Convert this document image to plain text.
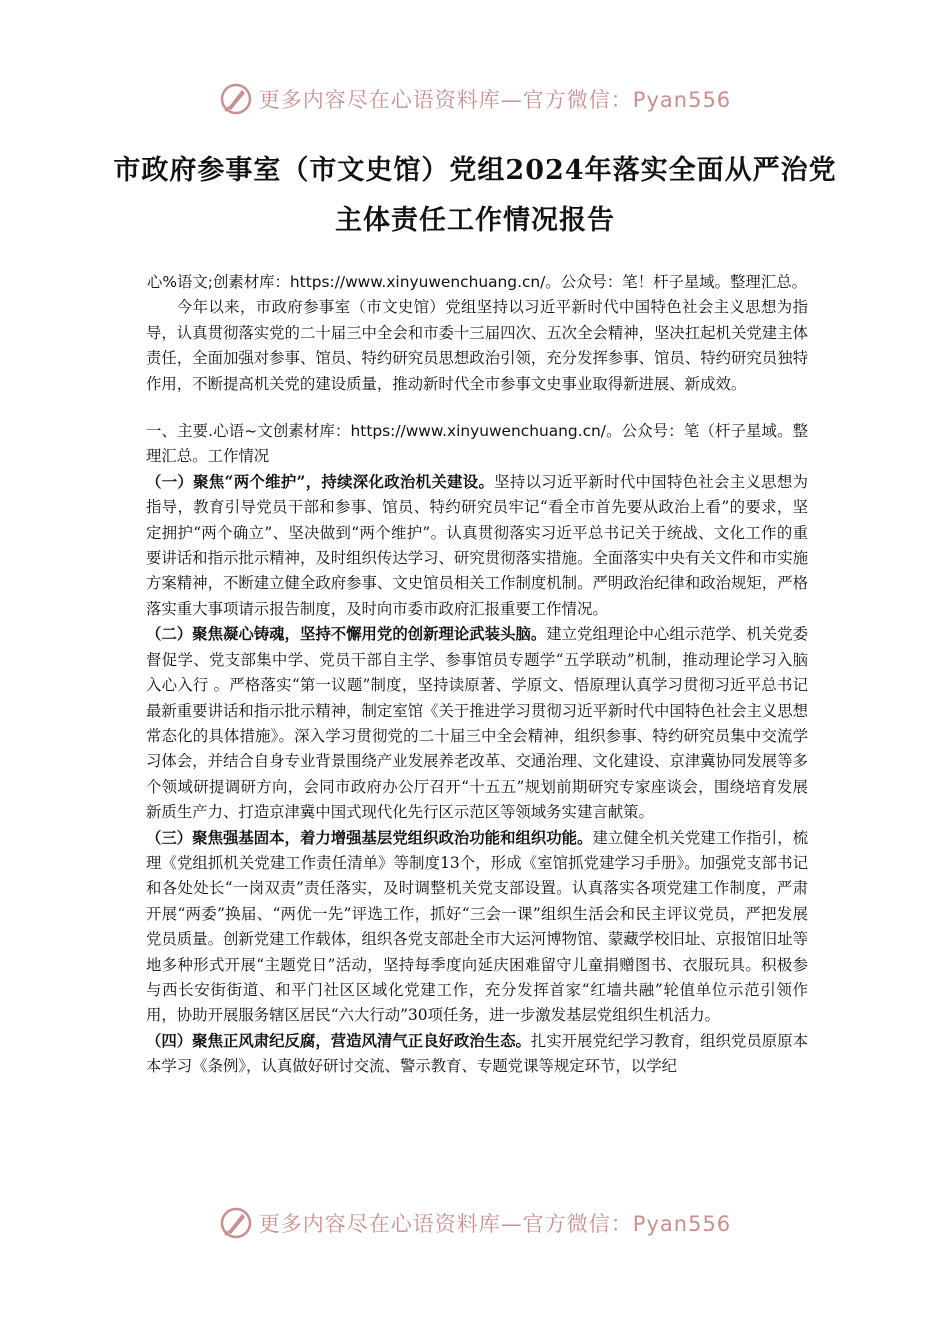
更多内容尽在心语资料库—官方微信：Pyan556
市政府参事室（市文史馆）党组2024年落实全面从严治党主体责任工作情况报告

心%语文;创素材库：https://www.xinyuwenchuang.cn/。公众号：笔！杆子星域。整理汇总。

今年以来，市政府参事室（市文史馆）党组坚持以习近平新时代中国特色社会主义思想为指导，认真贯彻落实党的二十届三中全会和市委十三届四次、五次全会精神，坚决扛起机关党建主体责任，全面加强对参事、馆员、特约研究员思想政治引领，充分发挥参事、馆员、特约研究员独特作用，不断提高机关党的建设质量，推动新时代全市参事文史事业取得新进展、新成效。

一、主要.心语~文创素材库：https://www.xinyuwenchuang.cn/。公众号：笔（杆子星域。整理汇总。工作情况

（一）聚焦“两个维护”，持续深化政治机关建设。坚持以习近平新时代中国特色社会主义思想为指导，教育引导党员干部和参事、馆员、特约研究员牢记“看全市首先要从政治上看”的要求，坚定拥护“两个确立”、坚决做到“两个维护”。认真贯彻落实习近平总书记关于统战、文化工作的重要讲话和指示批示精神，及时组织传达学习、研究贯彻落实措施。全面落实中央有关文件和市实施方案精神，不断建立健全政府参事、文史馆员相关工作制度机制。严明政治纪律和政治规矩，严格落实重大事项请示报告制度，及时向市委市政府汇报重要工作情况。

（二）聚焦凝心铸魂，坚持不懈用党的创新理论武装头脑。建立党组理论中心组示范学、机关党委督促学、党支部集中学、党员干部自主学、参事馆员专题学“五学联动”机制，推动理论学习入脑入心入行 。严格落实“第一议题”制度，坚持读原著、学原文、悟原理认真学习贯彻习近平总书记最新重要讲话和指示批示精神，制定室馆《关于推进学习贯彻习近平新时代中国特色社会主义思想常态化的具体措施》。深入学习贯彻党的二十届三中全会精神，组织参事、特约研究员集中交流学习体会，并结合自身专业背景围绕产业发展养老改革、交通治理、文化建设、京津冀协同发展等多个领域研提调研方向，会同市政府办公厅召开“十五五”规划前期研究专家座谈会，围绕培育发展新质生产力、打造京津冀中国式现代化先行区示范区等领域务实建言献策。

（三）聚焦强基固本，着力增强基层党组织政治功能和组织功能。建立健全机关党建工作指引，梳理《党组抓机关党建工作责任清单》等制度13个，形成《室馆抓党建学习手册》。加强党支部书记和各处处长“一岗双责”责任落实，及时调整机关党支部设置。认真落实各项党建工作制度，严肃开展“两委”换届、“两优一先”评选工作，抓好“三会一课”组织生活会和民主评议党员，严把发展党员质量。创新党建工作载体，组织各党支部赴全市大运河博物馆、蒙藏学校旧址、京报馆旧址等地多种形式开展“主题党日”活动，坚持每季度向延庆困难留守儿童捐赠图书、衣服玩具。积极参与西长安街街道、和平门社区区域化党建工作，充分发挥首家“红墙共融”轮值单位示范引领作用，协助开展服务辖区居民“六大行动”30项任务，进一步激发基层党组织生机活力。

（四）聚焦正风肃纪反腐，营造风清气正良好政治生态。扎实开展党纪学习教育，组织党员原原本本学习《条例》，认真做好研讨交流、警示教育、专题党课等规定环节，以学纪

更多内容尽在心语资料库—官方微信：Pyan556
